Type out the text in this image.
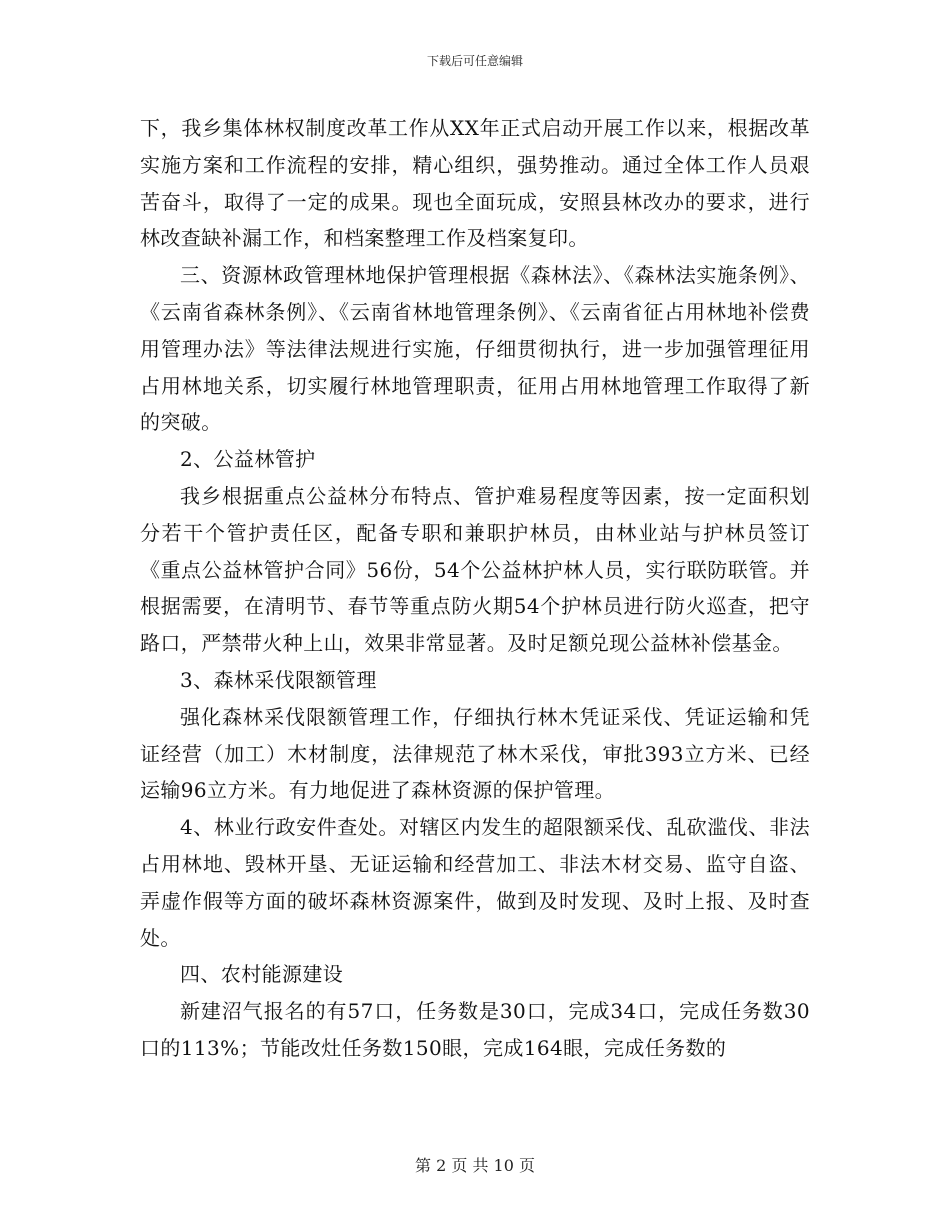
下载后可任意编辑

下，我乡集体林权制度改革工作从XX年正式启动开展工作以来，根据改革实施方案和工作流程的安排，精心组织，强势推动。通过全体工作人员艰苦奋斗，取得了一定的成果。现也全面玩成，安照县林改办的要求，进行林改查缺补漏工作，和档案整理工作及档案复印。

三、资源林政管理林地保护管理根据《森林法》、《森林法实施条例》、《云南省森林条例》、《云南省林地管理条例》、《云南省征占用林地补偿费用管理办法》等法律法规进行实施，仔细贯彻执行，进一步加强管理征用占用林地关系，切实履行林地管理职责，征用占用林地管理工作取得了新的突破。

2、公益林管护

我乡根据重点公益林分布特点、管护难易程度等因素，按一定面积划分若干个管护责任区，配备专职和兼职护林员，由林业站与护林员签订《重点公益林管护合同》56份，54个公益林护林人员，实行联防联管。并根据需要，在清明节、春节等重点防火期54个护林员进行防火巡查，把守路口，严禁带火种上山，效果非常显著。及时足额兑现公益林补偿基金。

3、森林采伐限额管理

强化森林采伐限额管理工作，仔细执行林木凭证采伐、凭证运输和凭证经营（加工）木材制度，法律规范了林木采伐，审批393立方米、已经运输96立方米。有力地促进了森林资源的保护管理。

4、林业行政安件查处。对辖区内发生的超限额采伐、乱砍滥伐、非法占用林地、毁林开垦、无证运输和经营加工、非法木材交易、监守自盗、弄虚作假等方面的破坏森林资源案件，做到及时发现、及时上报、及时查处。

四、农村能源建设

新建沼气报名的有57口，任务数是30口，完成34口，完成任务数30口的113%；节能改灶任务数150眼，完成164眼，完成任务数的

第 2 页 共 10 页
